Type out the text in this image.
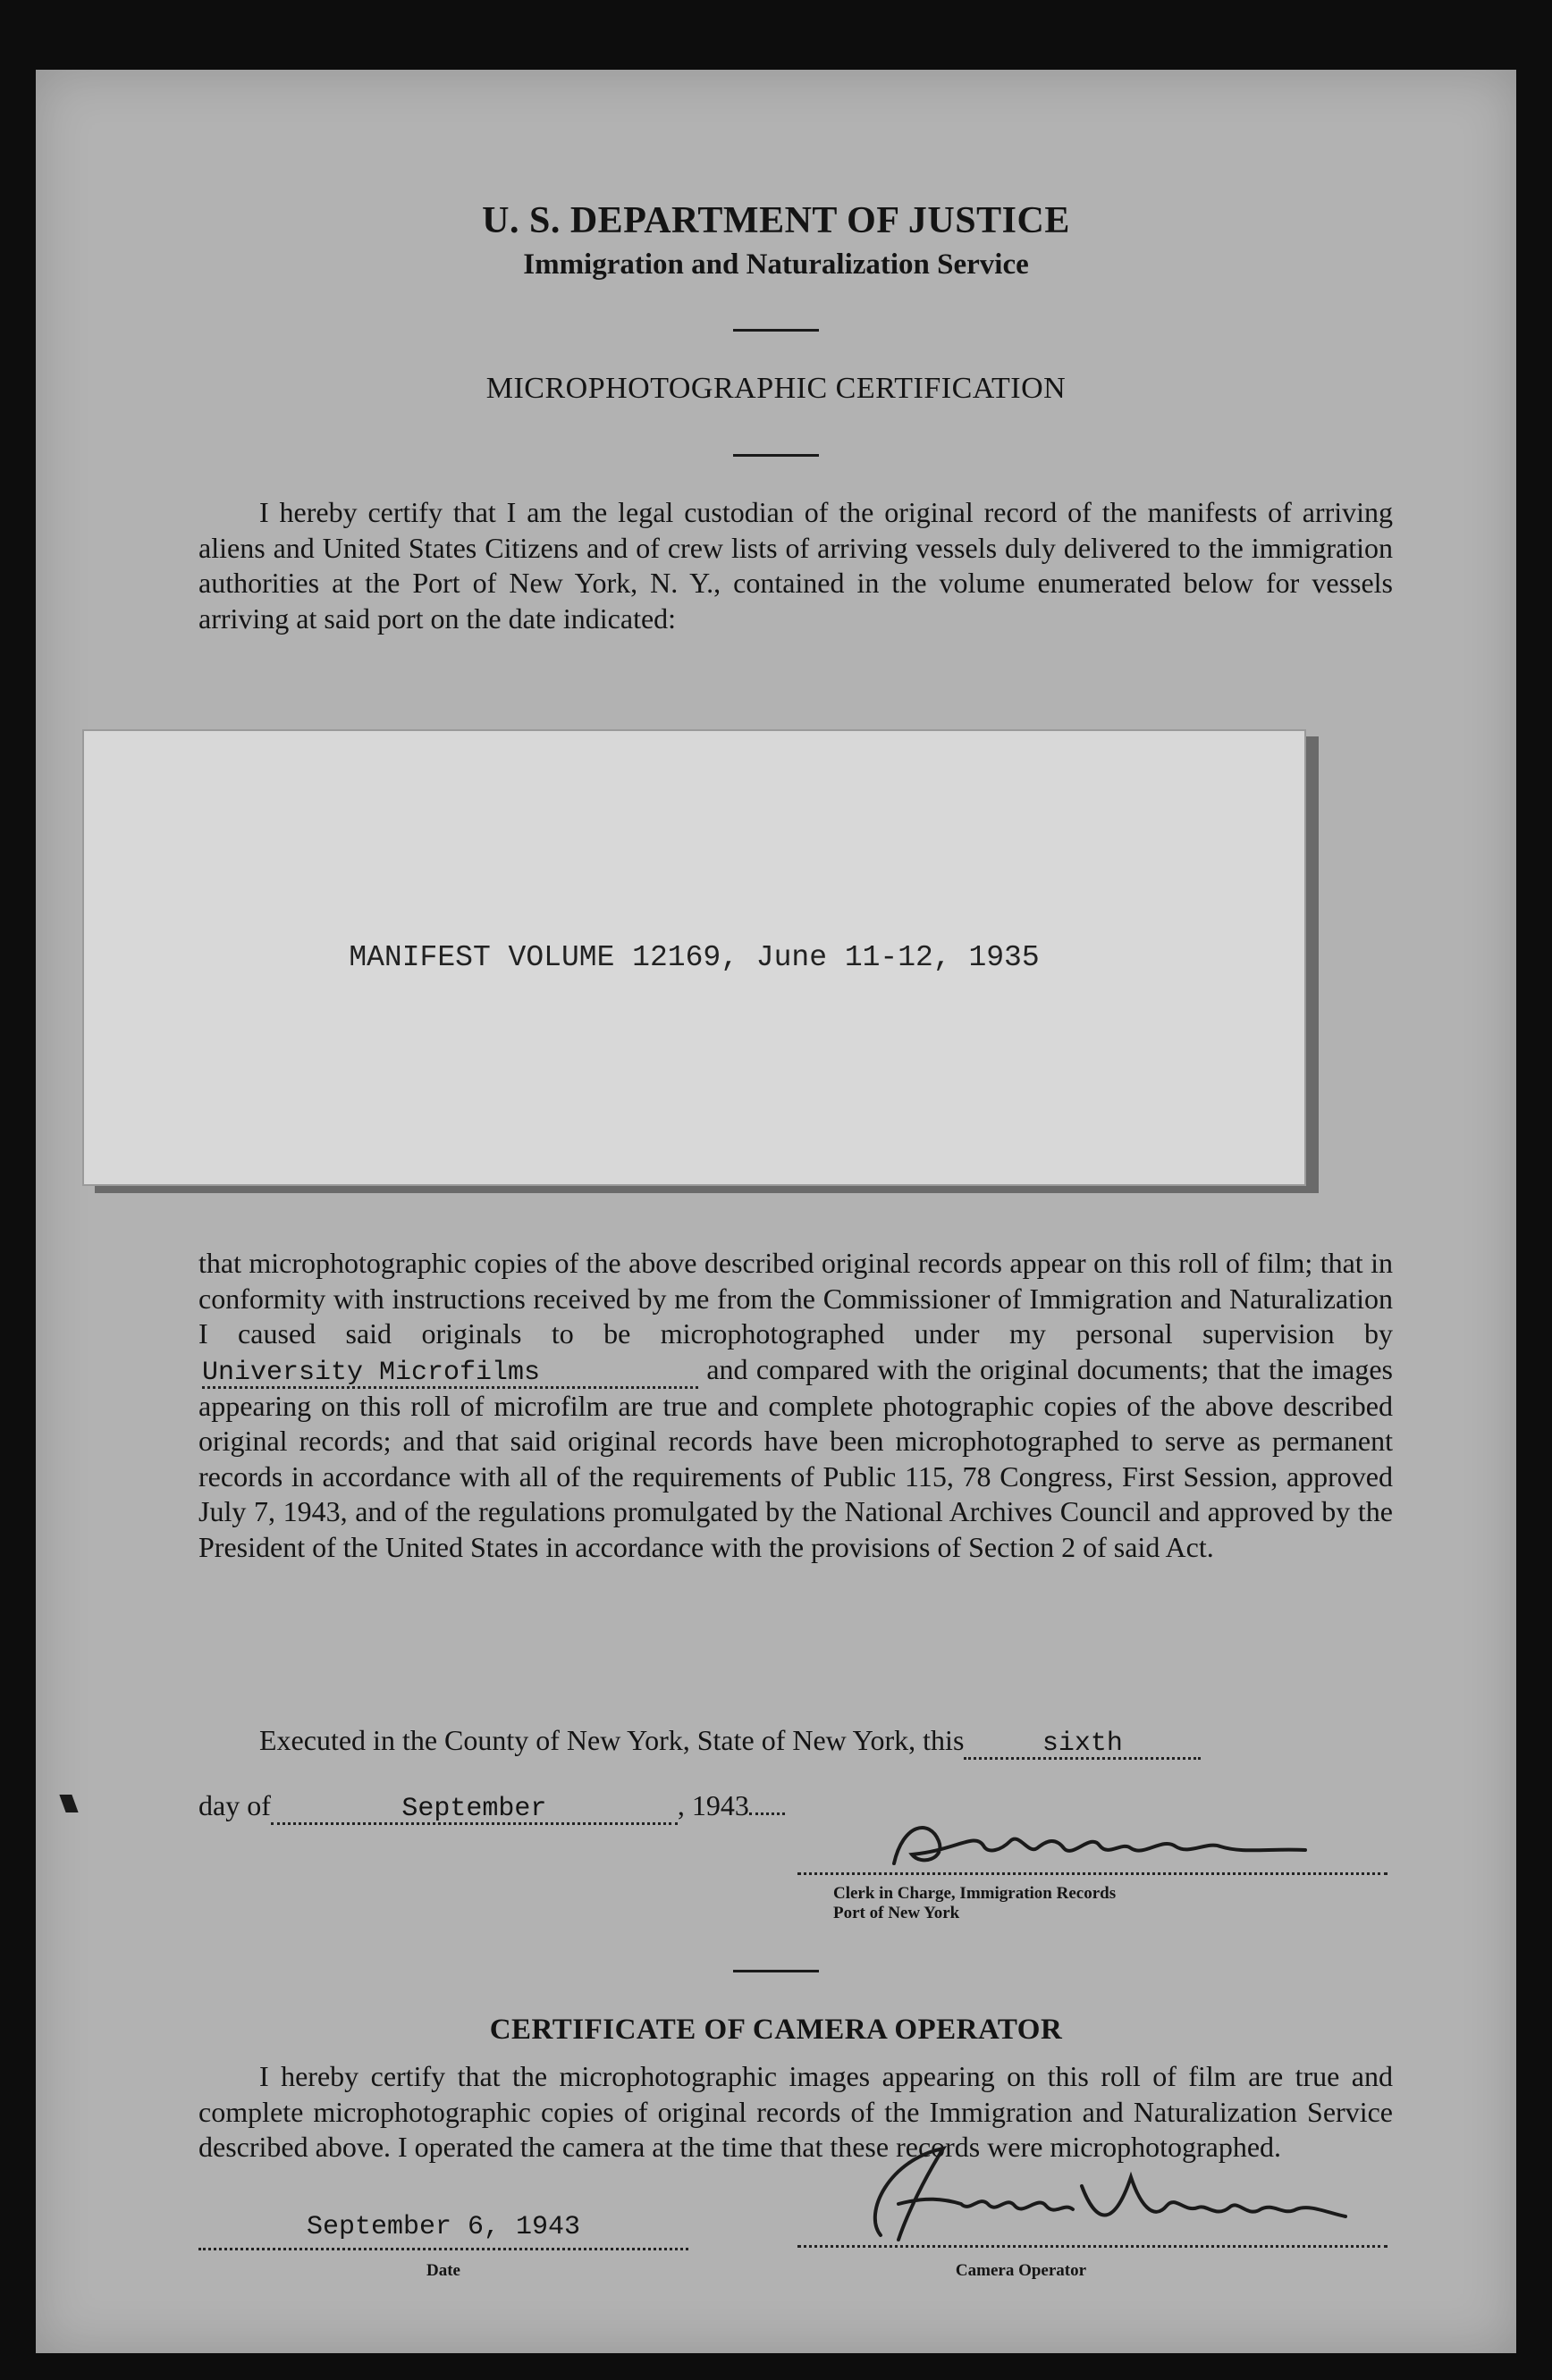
U. S. DEPARTMENT OF JUSTICE
Immigration and Naturalization Service
MICROPHOTOGRAPHIC CERTIFICATION
I hereby certify that I am the legal custodian of the original record of the manifests of arriving aliens and United States Citizens and of crew lists of arriving vessels duly delivered to the immigration authorities at the Port of New York, N. Y., contained in the volume enumerated below for vessels arriving at said port on the date indicated:
MANIFEST VOLUME 12169, June 11-12, 1935
that microphotographic copies of the above described original records appear on this roll of film; that in conformity with instructions received by me from the Commissioner of Immigration and Naturalization I caused said originals to be microphotographed under my personal supervision byUniversity Microfilms	and compared with the original documents; that the images appearing on this roll of microfilm are true and complete photographic copies of the above described original records; and that said original records have been microphotographed to serve as permanent records in accordance with all of the requirements of Public 115, 78 Congress, First Session, approved July 7, 1943, and of the regulations promulgated by the National Archives Council and approved by the President of the United States in accordance with the provisions of Section 2 of said Act.
Executed in the County of New York, State of New York, this	sixth
day of	September	, 1943
Clerk in Charge, Immigration Records
Port of New York
CERTIFICATE OF CAMERA OPERATOR
I hereby certify that the microphotographic images appearing on this roll of film are true and complete microphotographic copies of original records of the Immigration and Naturalization Service described above. I operated the camera at the time that these records were microphotographed.
September 6, 1943
Date	Camera Operator
